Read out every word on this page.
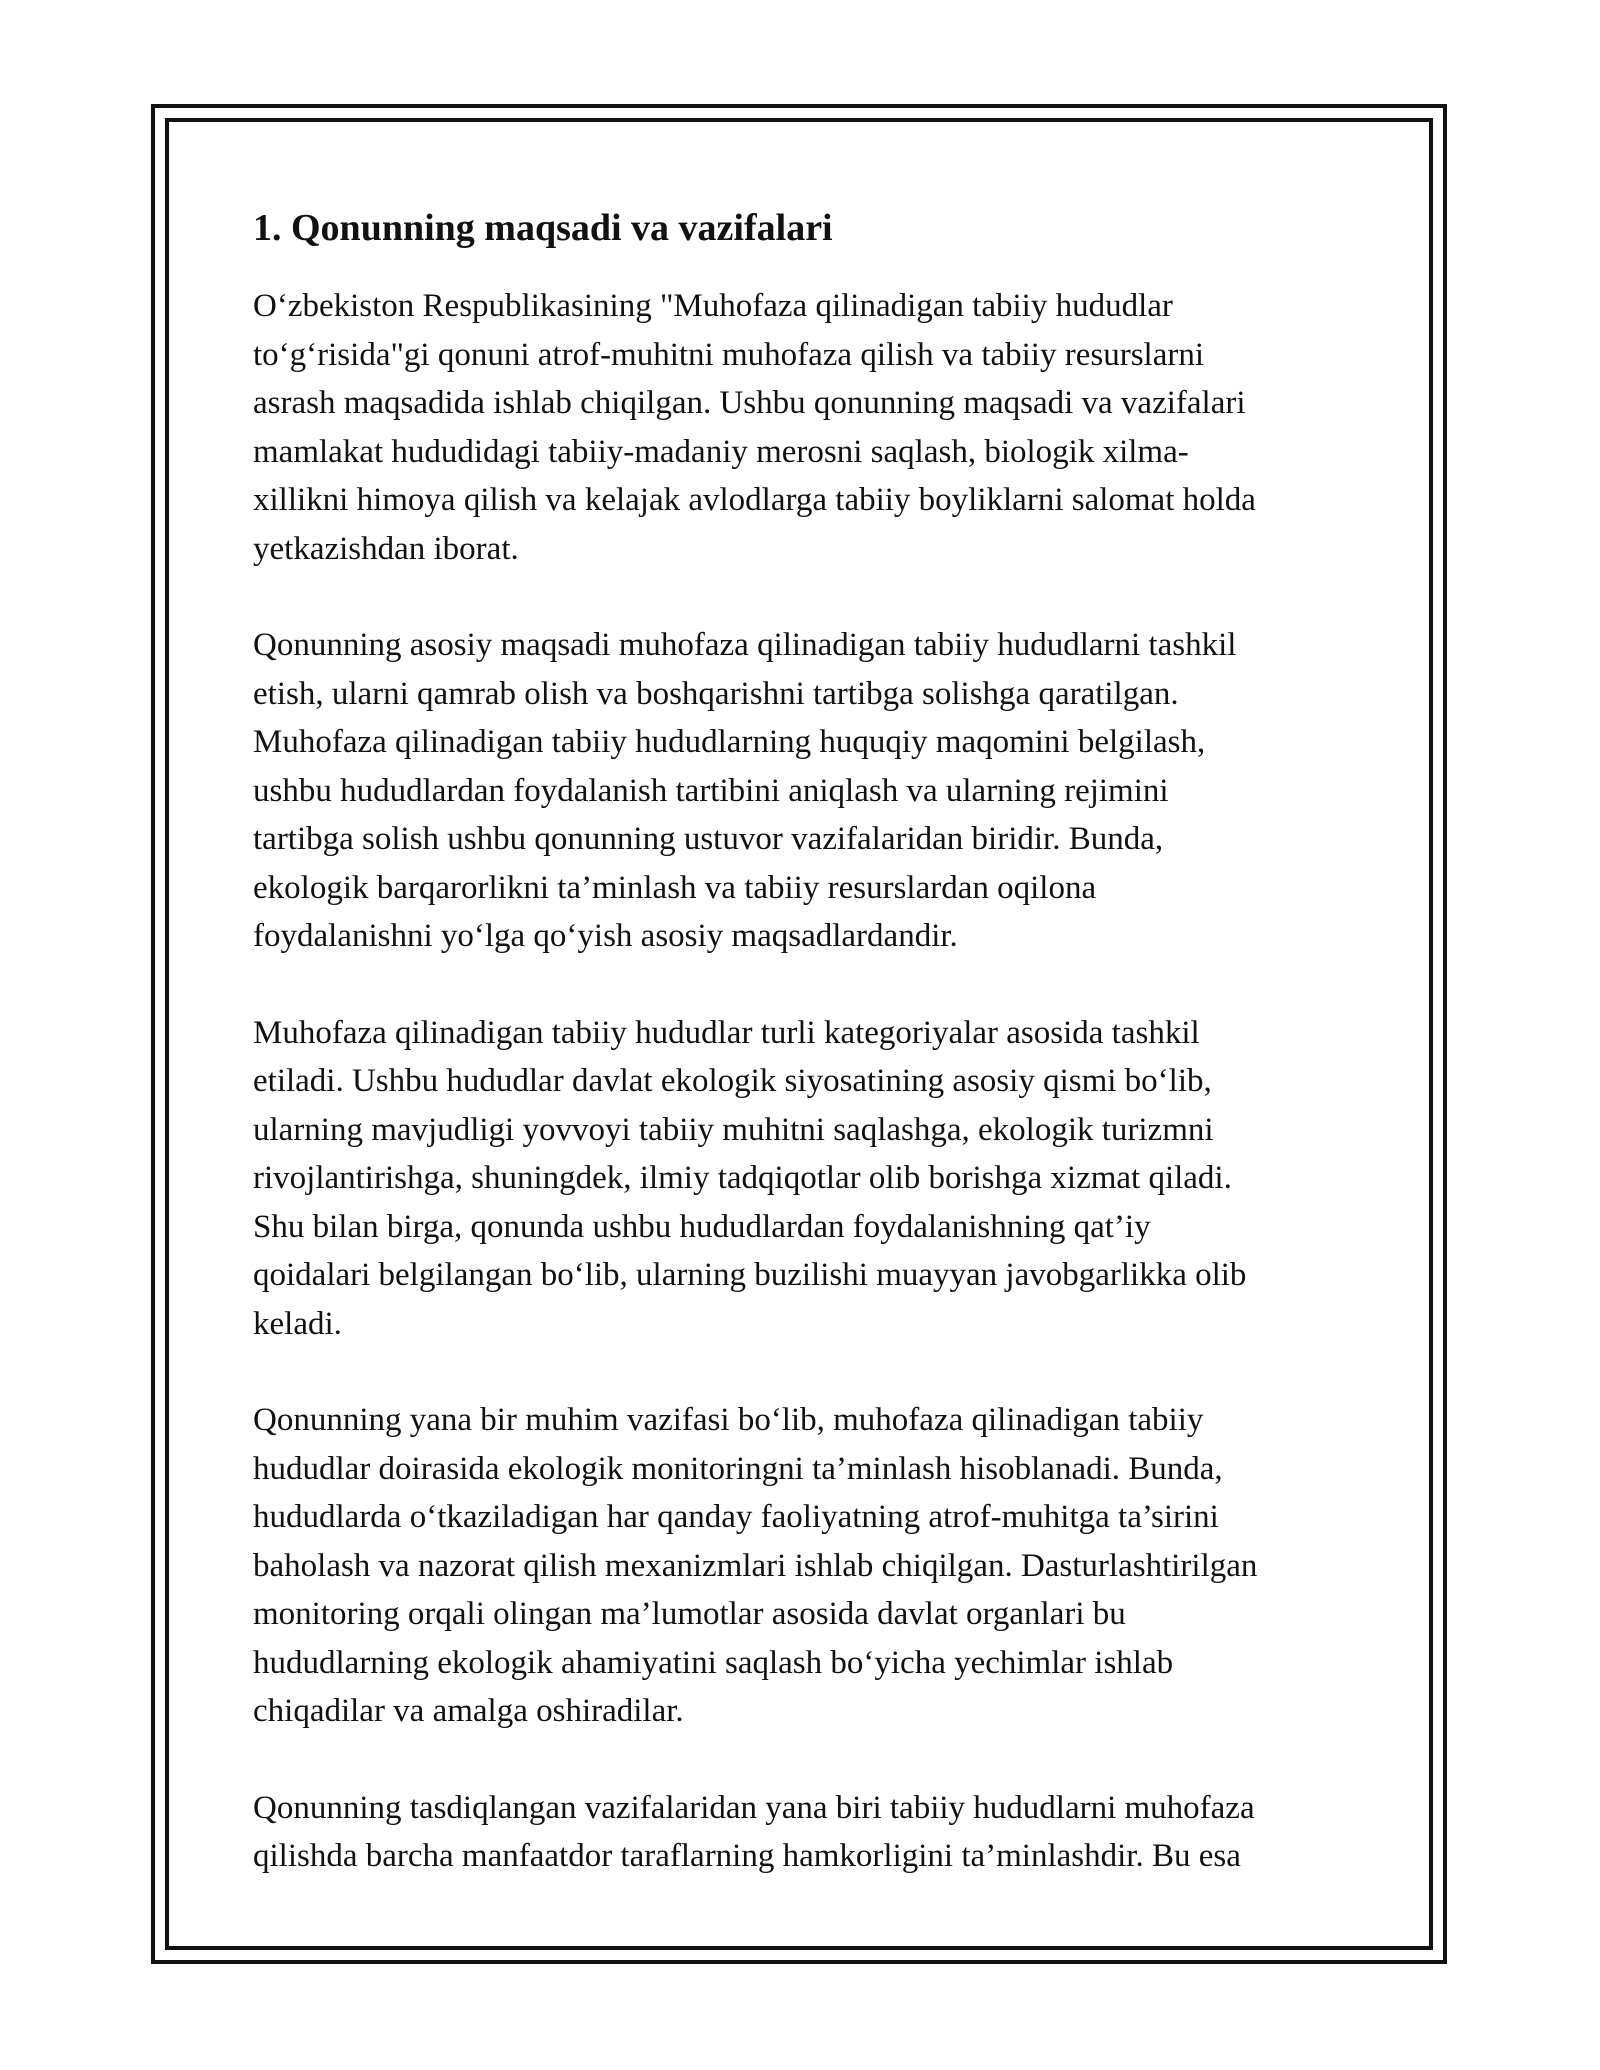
1. Qonunning maqsadi va vazifalari

O‘zbekiston Respublikasining "Muhofaza qilinadigan tabiiy hududlar
to‘g‘risida"gi qonuni atrof-muhitni muhofaza qilish va tabiiy resurslarni
asrash maqsadida ishlab chiqilgan. Ushbu qonunning maqsadi va vazifalari
mamlakat hududidagi tabiiy-madaniy merosni saqlash, biologik xilma-
xillikni himoya qilish va kelajak avlodlarga tabiiy boyliklarni salomat holda
yetkazishdan iborat.

Qonunning asosiy maqsadi muhofaza qilinadigan tabiiy hududlarni tashkil
etish, ularni qamrab olish va boshqarishni tartibga solishga qaratilgan.
Muhofaza qilinadigan tabiiy hududlarning huquqiy maqomini belgilash,
ushbu hududlardan foydalanish tartibini aniqlash va ularning rejimini
tartibga solish ushbu qonunning ustuvor vazifalaridan biridir. Bunda,
ekologik barqarorlikni ta’minlash va tabiiy resurslardan oqilona
foydalanishni yo‘lga qo‘yish asosiy maqsadlardandir.

Muhofaza qilinadigan tabiiy hududlar turli kategoriyalar asosida tashkil
etiladi. Ushbu hududlar davlat ekologik siyosatining asosiy qismi bo‘lib,
ularning mavjudligi yovvoyi tabiiy muhitni saqlashga, ekologik turizmni
rivojlantirishga, shuningdek, ilmiy tadqiqotlar olib borishga xizmat qiladi.
Shu bilan birga, qonunda ushbu hududlardan foydalanishning qat’iy
qoidalari belgilangan bo‘lib, ularning buzilishi muayyan javobgarlikka olib
keladi.

Qonunning yana bir muhim vazifasi bo‘lib, muhofaza qilinadigan tabiiy
hududlar doirasida ekologik monitoringni ta’minlash hisoblanadi. Bunda,
hududlarda o‘tkaziladigan har qanday faoliyatning atrof-muhitga ta’sirini
baholash va nazorat qilish mexanizmlari ishlab chiqilgan. Dasturlashtirilgan
monitoring orqali olingan ma’lumotlar asosida davlat organlari bu
hududlarning ekologik ahamiyatini saqlash bo‘yicha yechimlar ishlab
chiqadilar va amalga oshiradilar.

Qonunning tasdiqlangan vazifalaridan yana biri tabiiy hududlarni muhofaza
qilishda barcha manfaatdor taraflarning hamkorligini ta’minlashdir. Bu esa
